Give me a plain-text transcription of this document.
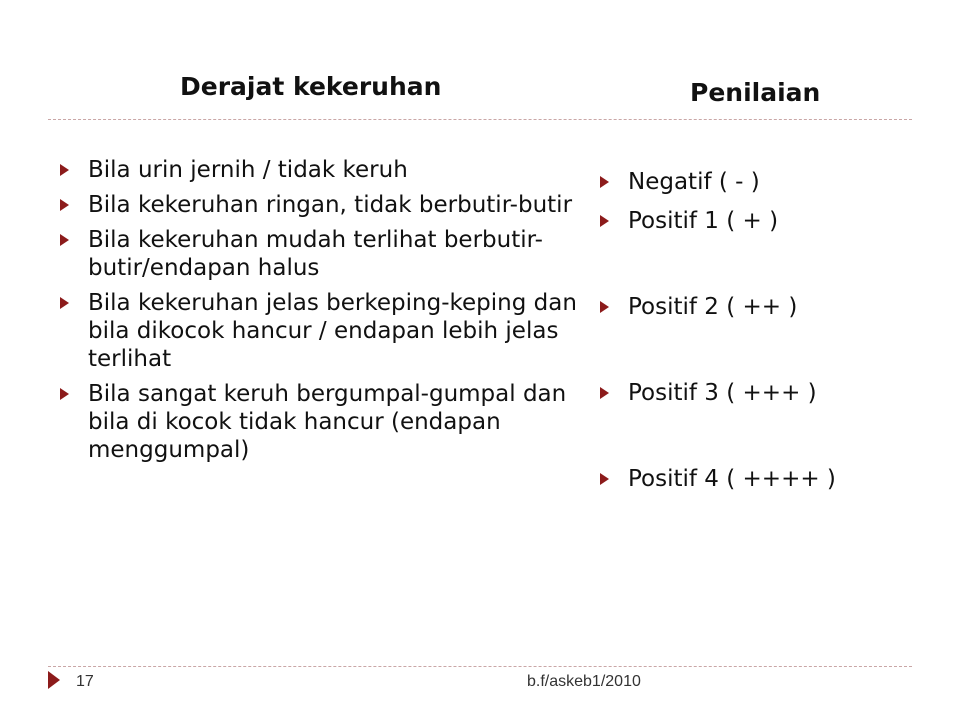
Derajat kekeruhan	Penilaian
Bila urin jernih / tidak keruh
Bila kekeruhan ringan, tidak berbutir-butir
Bila kekeruhan mudah terlihat berbutir-butir/endapan halus
Bila kekeruhan jelas berkeping-keping dan bila dikocok hancur / endapan lebih jelas terlihat
Bila sangat keruh bergumpal-gumpal dan bila di kocok tidak hancur (endapan menggumpal)
Negatif ( - )
Positif 1 ( + )
Positif 2 ( ++ )
Positif 3 ( +++ )
Positif 4 ( ++++ )
17	b.f/askeb1/2010
